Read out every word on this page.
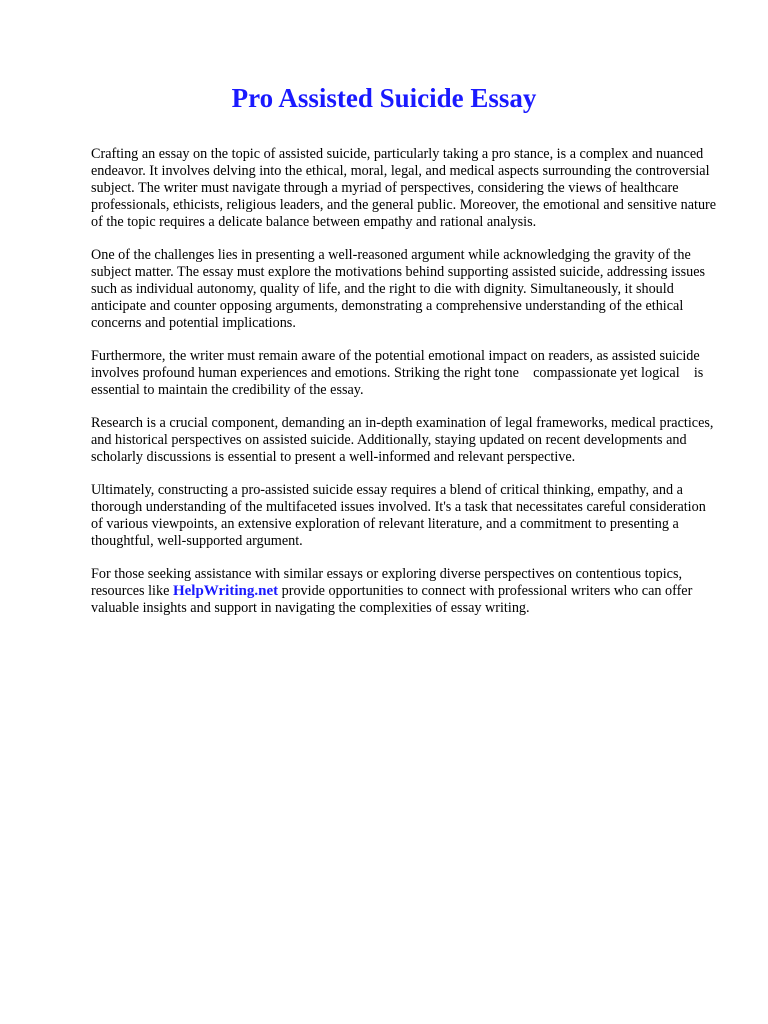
Pro Assisted Suicide Essay

Crafting an essay on the topic of assisted suicide, particularly taking a pro stance, is a complex and nuanced endeavor. It involves delving into the ethical, moral, legal, and medical aspects surrounding the controversial subject. The writer must navigate through a myriad of perspectives, considering the views of healthcare professionals, ethicists, religious leaders, and the general public. Moreover, the emotional and sensitive nature of the topic requires a delicate balance between empathy and rational analysis.

One of the challenges lies in presenting a well-reasoned argument while acknowledging the gravity of the subject matter. The essay must explore the motivations behind supporting assisted suicide, addressing issues such as individual autonomy, quality of life, and the right to die with dignity. Simultaneously, it should anticipate and counter opposing arguments, demonstrating a comprehensive understanding of the ethical concerns and potential implications.

Furthermore, the writer must remain aware of the potential emotional impact on readers, as assisted suicide involves profound human experiences and emotions. Striking the right tone    compassionate yet logical    is essential to maintain the credibility of the essay.

Research is a crucial component, demanding an in-depth examination of legal frameworks, medical practices, and historical perspectives on assisted suicide. Additionally, staying updated on recent developments and scholarly discussions is essential to present a well-informed and relevant perspective.

Ultimately, constructing a pro-assisted suicide essay requires a blend of critical thinking, empathy, and a thorough understanding of the multifaceted issues involved. It's a task that necessitates careful consideration of various viewpoints, an extensive exploration of relevant literature, and a commitment to presenting a thoughtful, well-supported argument.

For those seeking assistance with similar essays or exploring diverse perspectives on contentious topics, resources like HelpWriting.net provide opportunities to connect with professional writers who can offer valuable insights and support in navigating the complexities of essay writing.
